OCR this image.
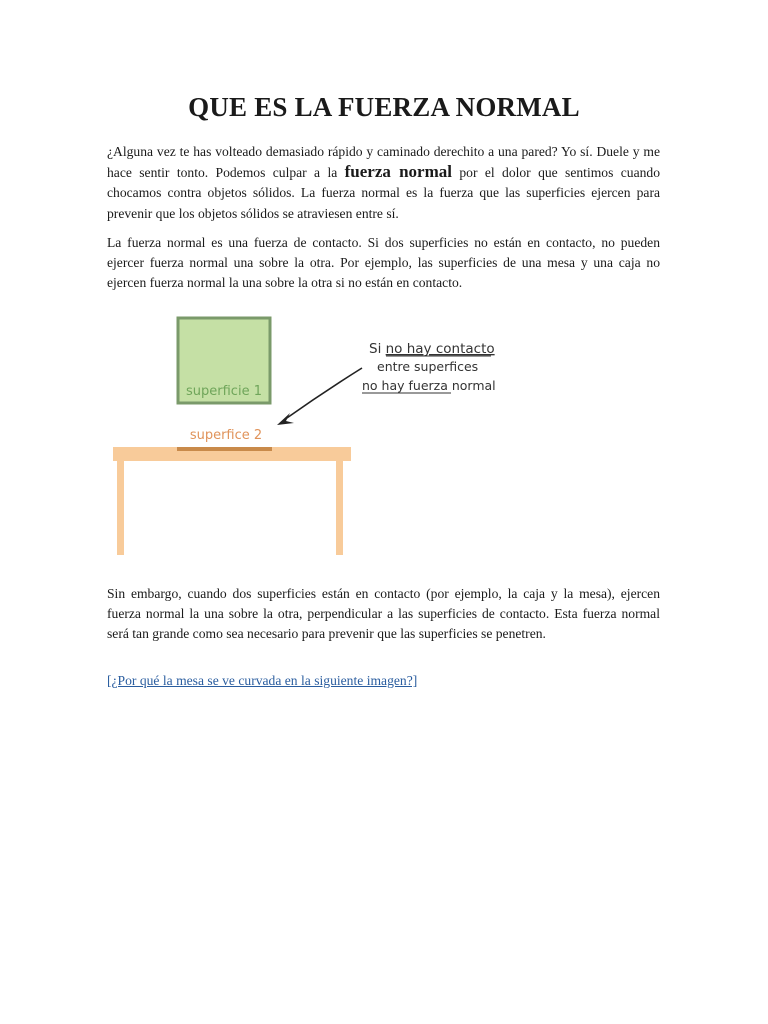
QUE ES LA FUERZA NORMAL

¿Alguna vez te has volteado demasiado rápido y caminado derechito a una pared? Yo sí. Duele y me hace sentir tonto. Podemos culpar a la fuerza normal por el dolor que sentimos cuando chocamos contra objetos sólidos. La fuerza normal es la fuerza que las superficies ejercen para prevenir que los objetos sólidos se atraviesen entre sí.

La fuerza normal es una fuerza de contacto. Si dos superficies no están en contacto, no pueden ejercer fuerza normal una sobre la otra. Por ejemplo, las superficies de una mesa y una caja no ejercen fuerza normal la una sobre la otra si no están en contacto.

superficie 1
superfice 2
Si no hay contacto
entre superfices
no hay fuerza normal

Sin embargo, cuando dos superficies están en contacto (por ejemplo, la caja y la mesa), ejercen fuerza normal la una sobre la otra, perpendicular a las superficies de contacto. Esta fuerza normal será tan grande como sea necesario para prevenir que las superficies se penetren.

[¿Por qué la mesa se ve curvada en la siguiente imagen?]
